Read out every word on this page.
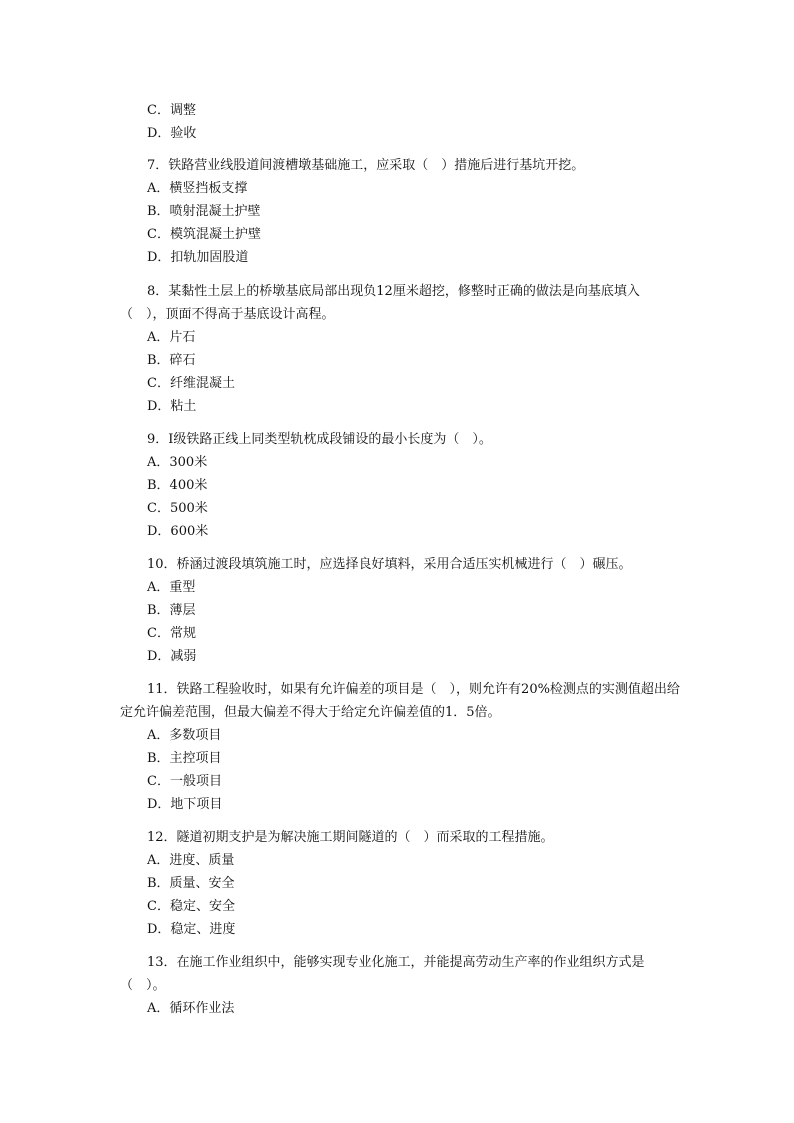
C．调整

D．验收

7．铁路营业线股道间渡槽墩基础施工，应采取（　）措施后进行基坑开挖。

A．横竖挡板支撑

B．喷射混凝土护壁

C．模筑混凝土护壁

D．扣轨加固股道

8．某黏性土层上的桥墩基底局部出现负12厘米超挖，修整时正确的做法是向基底填入（　），顶面不得高于基底设计高程。

A．片石

B．碎石

C．纤维混凝土

D．粘土

9．Ⅰ级铁路正线上同类型轨枕成段铺设的最小长度为（　）。

A．300米

B．400米

C．500米

D．600米

10．桥涵过渡段填筑施工时，应选择良好填料，采用合适压实机械进行（　）碾压。

A．重型

B．薄层

C．常规

D．减弱

11．铁路工程验收时，如果有允许偏差的项目是（　），则允许有20%检测点的实测值超出给定允许偏差范围，但最大偏差不得大于给定允许偏差值的1．5倍。

A．多数项目

B．主控项目

C．一般项目

D．地下项目

12．隧道初期支护是为解决施工期间隧道的（　）而采取的工程措施。

A．进度、质量

B．质量、安全

C．稳定、安全

D．稳定、进度

13．在施工作业组织中，能够实现专业化施工，并能提高劳动生产率的作业组织方式是（　）。

A．循环作业法
